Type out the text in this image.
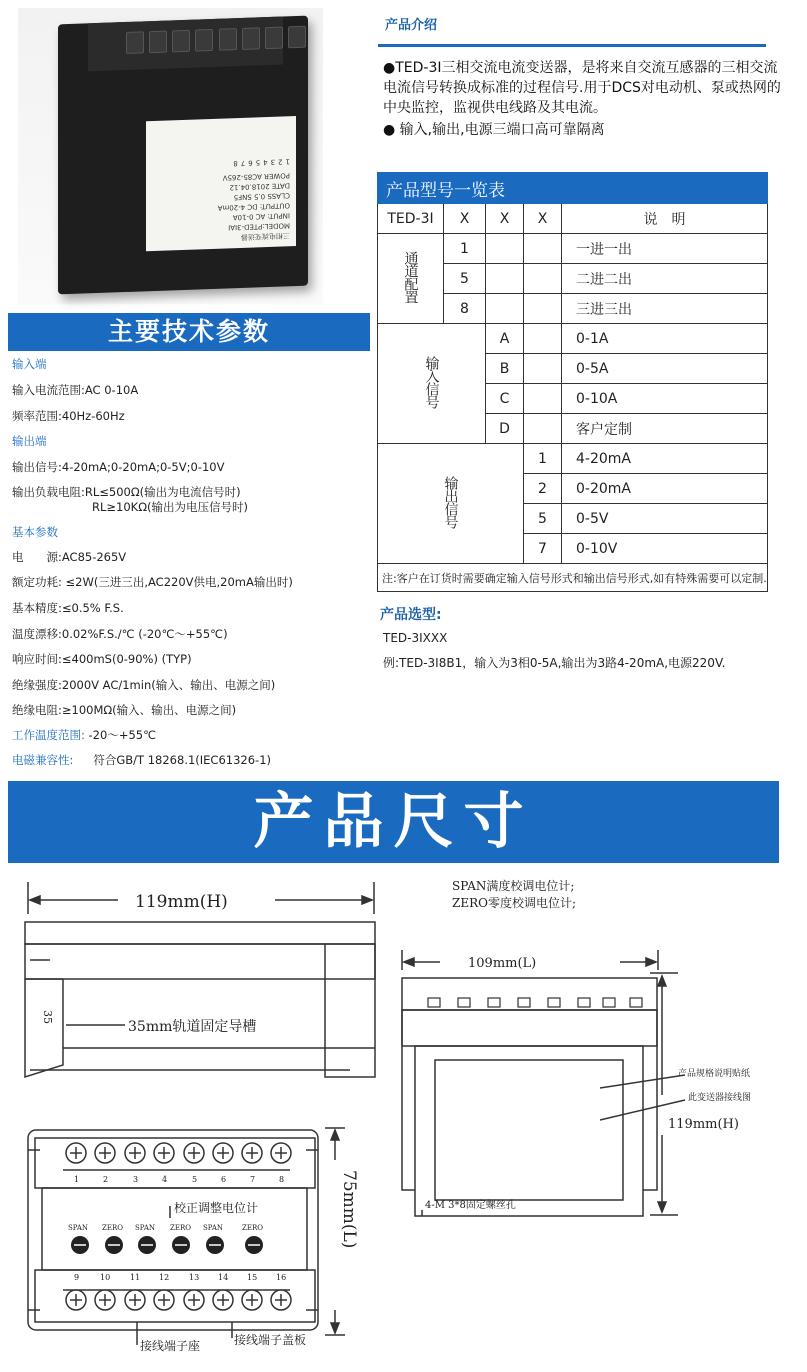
三相电流变送器
MODEL:PTED-3IAI
INPUT: AC 0-10A
OUTPUT: DC 4-20mA
CLASS 0.5 SNF5
DATE 2018.04.12
POWER AC85-265V
1
2
3
4
5
6
7
8
产品介绍
●TED-3I三相交流电流变送器，是将来自交流互感器的三相交流电流信号转换成标准的过程信号.用于DCS对电动机、泵或热网的中央监控，监视供电线路及其电流。
● 输入,输出,电源三端口高可靠隔离
产品型号一览表				
TED-3I	X	X	X	说　明
通道配置	1			一进一出
	5			二进二出
	8			三进三出
输入信号		A		0-1A
		B		0-5A
		C		0-10A
		D		客户定制
输出信号			1	4-20mA
			2	0-20mA
			5	0-5V
			7	0-10V
注:客户在订货时需要确定输入信号形式和输出信号形式,如有特殊需要可以定制.				
产品选型:
TED-3IXXX
例:TED-3I8B1，输入为3相0-5A,输出为3路4-20mA,电源220V.
主要技术参数
输入端
输入电流范围:AC 0-10A
频率范围:40Hz-60Hz
输出端
输出信号:4-20mA;0-20mA;0-5V;0-10V
输出负载电阻:RL≤500Ω(输出为电流信号时)
RL≥10KΩ(输出为电压信号时)
基本参数
电　　源:AC85-265V
额定功耗: ≤2W(三进三出,AC220V供电,20mA输出时)
基本精度:≤0.5% F.S.
温度漂移:0.02%F.S./℃ (-20℃～+55℃)
响应时间:≤400mS(0-90%) (TYP)
绝缘强度:2000V AC/1min(输入、输出、电源之间)
绝缘电阻:≥100MΩ(输入、输出、电源之间)
工作温度范围: -20～+55℃
电磁兼容性: 符合GB/T 18268.1(IEC61326-1)
产品尺寸
119mm(H)
35
35mm轨道固定导槽
75mm(L)
校正调整电位计
接线端子座	接线端子盖板
SPAN满度校调电位计;
ZERO零度校调电位计;
109mm(L)
产品规格说明贴纸
此变送器接线图
119mm(H)
4-M 3*8固定螺丝孔
SPAN ZERO SPAN ZERO SPAN	ZERO
1	2	3	4	5	6	7	8
9	10 11 12 13 14 15 16
